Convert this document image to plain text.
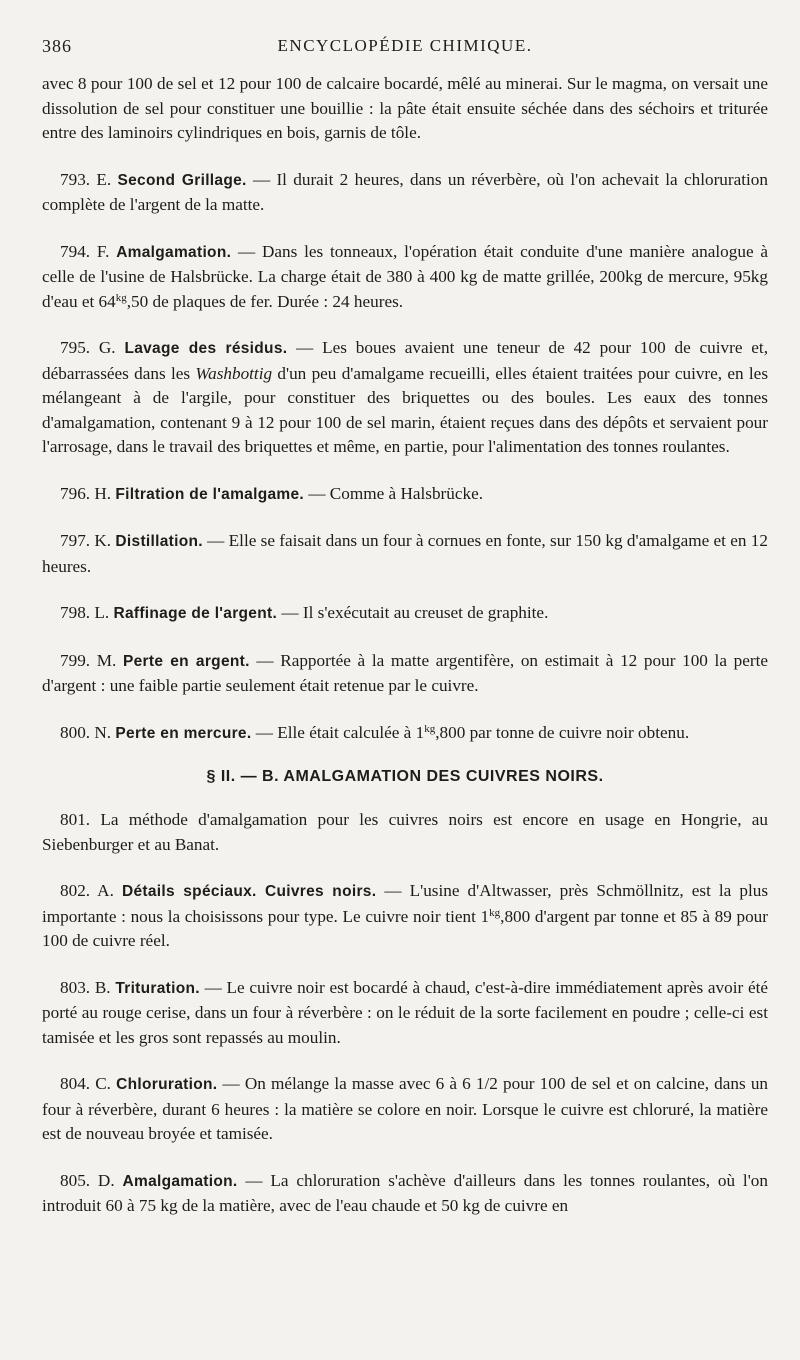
386	ENCYCLOPÉDIE CHIMIQUE.

avec 8 pour 100 de sel et 12 pour 100 de calcaire bocardé, mêlé au minerai. Sur le magma, on versait une dissolution de sel pour constituer une bouillie : la pâte était ensuite séchée dans des séchoirs et triturée entre des laminoirs cylindriques en bois, garnis de tôle.

793. E. Second Grillage. — Il durait 2 heures, dans un réverbère, où l'on achevait la chloruration complète de l'argent de la matte.

794. F. Amalgamation. — Dans les tonneaux, l'opération était conduite d'une manière analogue à celle de l'usine de Halsbrücke. La charge était de 380 à 400 kg de matte grillée, 200kg de mercure, 95kg d'eau et $64^{kg},50$ de plaques de fer. Durée : 24 heures.

795. G. Lavage des résidus. — Les boues avaient une teneur de 42 pour 100 de cuivre et, débarrassées dans les Washbottig d'un peu d'amalgame recueilli, elles étaient traitées pour cuivre, en les mélangeant à de l'argile, pour constituer des briquettes ou des boules. Les eaux des tonnes d'amalgamation, contenant 9 à 12 pour 100 de sel marin, étaient reçues dans des dépôts et servaient pour l'arrosage, dans le travail des briquettes et même, en partie, pour l'alimentation des tonnes roulantes.

796. H. Filtration de l'amalgame. — Comme à Halsbrücke.

797. K. Distillation. — Elle se faisait dans un four à cornues en fonte, sur 150 kg d'amalgame et en 12 heures.

798. L. Raffinage de l'argent. — Il s'exécutait au creuset de graphite.

799. M. Perte en argent. — Rapportée à la matte argentifère, on estimait à 12 pour 100 la perte d'argent : une faible partie seulement était retenue par le cuivre.

800. N. Perte en mercure. — Elle était calculée à $1^{kg},800$ par tonne de cuivre noir obtenu.

§ II. — B. AMALGAMATION DES CUIVRES NOIRS.

801. La méthode d'amalgamation pour les cuivres noirs est encore en usage en Hongrie, au Siebenburger et au Banat.

802. A. Détails spéciaux. Cuivres noirs. — L'usine d'Altwasser, près Schmöllnitz, est la plus importante : nous la choisissons pour type. Le cuivre noir tient $1^{kg},800$ d'argent par tonne et 85 à 89 pour 100 de cuivre réel.

803. B. Trituration. — Le cuivre noir est bocardé à chaud, c'est-à-dire immédiatement après avoir été porté au rouge cerise, dans un four à réverbère : on le réduit de la sorte facilement en poudre ; celle-ci est tamisée et les gros sont repassés au moulin.

804. C. Chloruration. — On mélange la masse avec 6 à 6 1/2 pour 100 de sel et on calcine, dans un four à réverbère, durant 6 heures : la matière se colore en noir. Lorsque le cuivre est chloruré, la matière est de nouveau broyée et tamisée.

805. D. Amalgamation. — La chloruration s'achève d'ailleurs dans les tonnes roulantes, où l'on introduit 60 à 75 kg de la matière, avec de l'eau chaude et 50 kg de cuivre en
